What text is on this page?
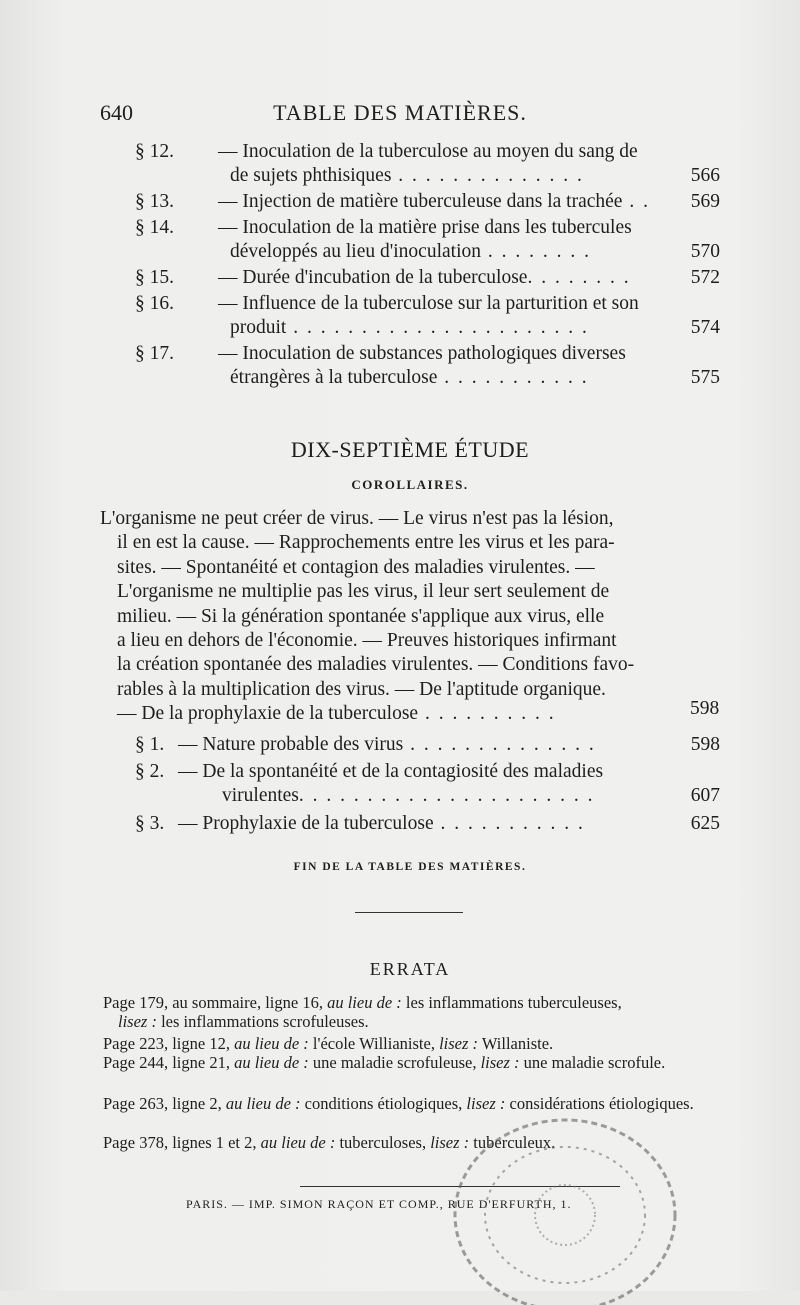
640	TABLE DES MATIÈRES.
§ 12. — Inoculation de la tuberculose au moyen du sang de
de sujets phthisiques . . . . . . . . . . . . . .	566
§ 13. — Injection de matière tuberculeuse dans la trachée . . 569
§ 14. — Inoculation de la matière prise dans les tubercules
développés au lieu d'inoculation . . . . . . . .	570
§ 15. — Durée d'incubation de la tuberculose. . . . . . . .	572
§ 16. — Influence de la tuberculose sur la parturition et son
produit . . . . . . . . . . . . . . . . . . . . . .	574
§ 17. — Inoculation de substances pathologiques diverses
étrangères à la tuberculose . . . . . . . . . . .	575
DIX-SEPTIÈME ÉTUDE
COROLLAIRES.
L'organisme ne peut créer de virus. — Le virus n'est pas la lésion,
il en est la cause. — Rapprochements entre les virus et les para-
sites. — Spontanéité et contagion des maladies virulentes. —
L'organisme ne multiplie pas les virus, il leur sert seulement de
milieu. — Si la génération spontanée s'applique aux virus, elle
a lieu en dehors de l'économie. — Preuves historiques infirmant
la création spontanée des maladies virulentes. — Conditions favo-
rables à la multiplication des virus. — De l'aptitude organique.
— De la prophylaxie de la tuberculose . . . . . . . . . .	598
§ 1. — Nature probable des virus . . . . . . . . . . . . . .	598
§ 2. — De la spontanéité et de la contagiosité des maladies
virulentes. . . . . . . . . . . . . . . . . . . . . .	607
§ 3. — Prophylaxie de la tuberculose . . . . . . . . . . .	625
FIN DE LA TABLE DES MATIÈRES.
ERRATA
Page 179, au sommaire, ligne 16, au lieu de : les inflammations tuberculeuses,
lisez : les inflammations scrofuleuses.
Page 223, ligne 12, au lieu de : l'école Willianiste, lisez : Willaniste.
Page 244, ligne 21, au lieu de : une maladie scrofuleuse, lisez : une maladie scrofule.
Page 263, ligne 2, au lieu de : conditions étiologiques, lisez : considérations étiologiques.
Page 378, lignes 1 et 2, au lieu de : tuberculoses, lisez : tuberculeux.
PARIS. — IMP. SIMON RAÇON ET COMP., RUE D'ERFURTH, 1.
